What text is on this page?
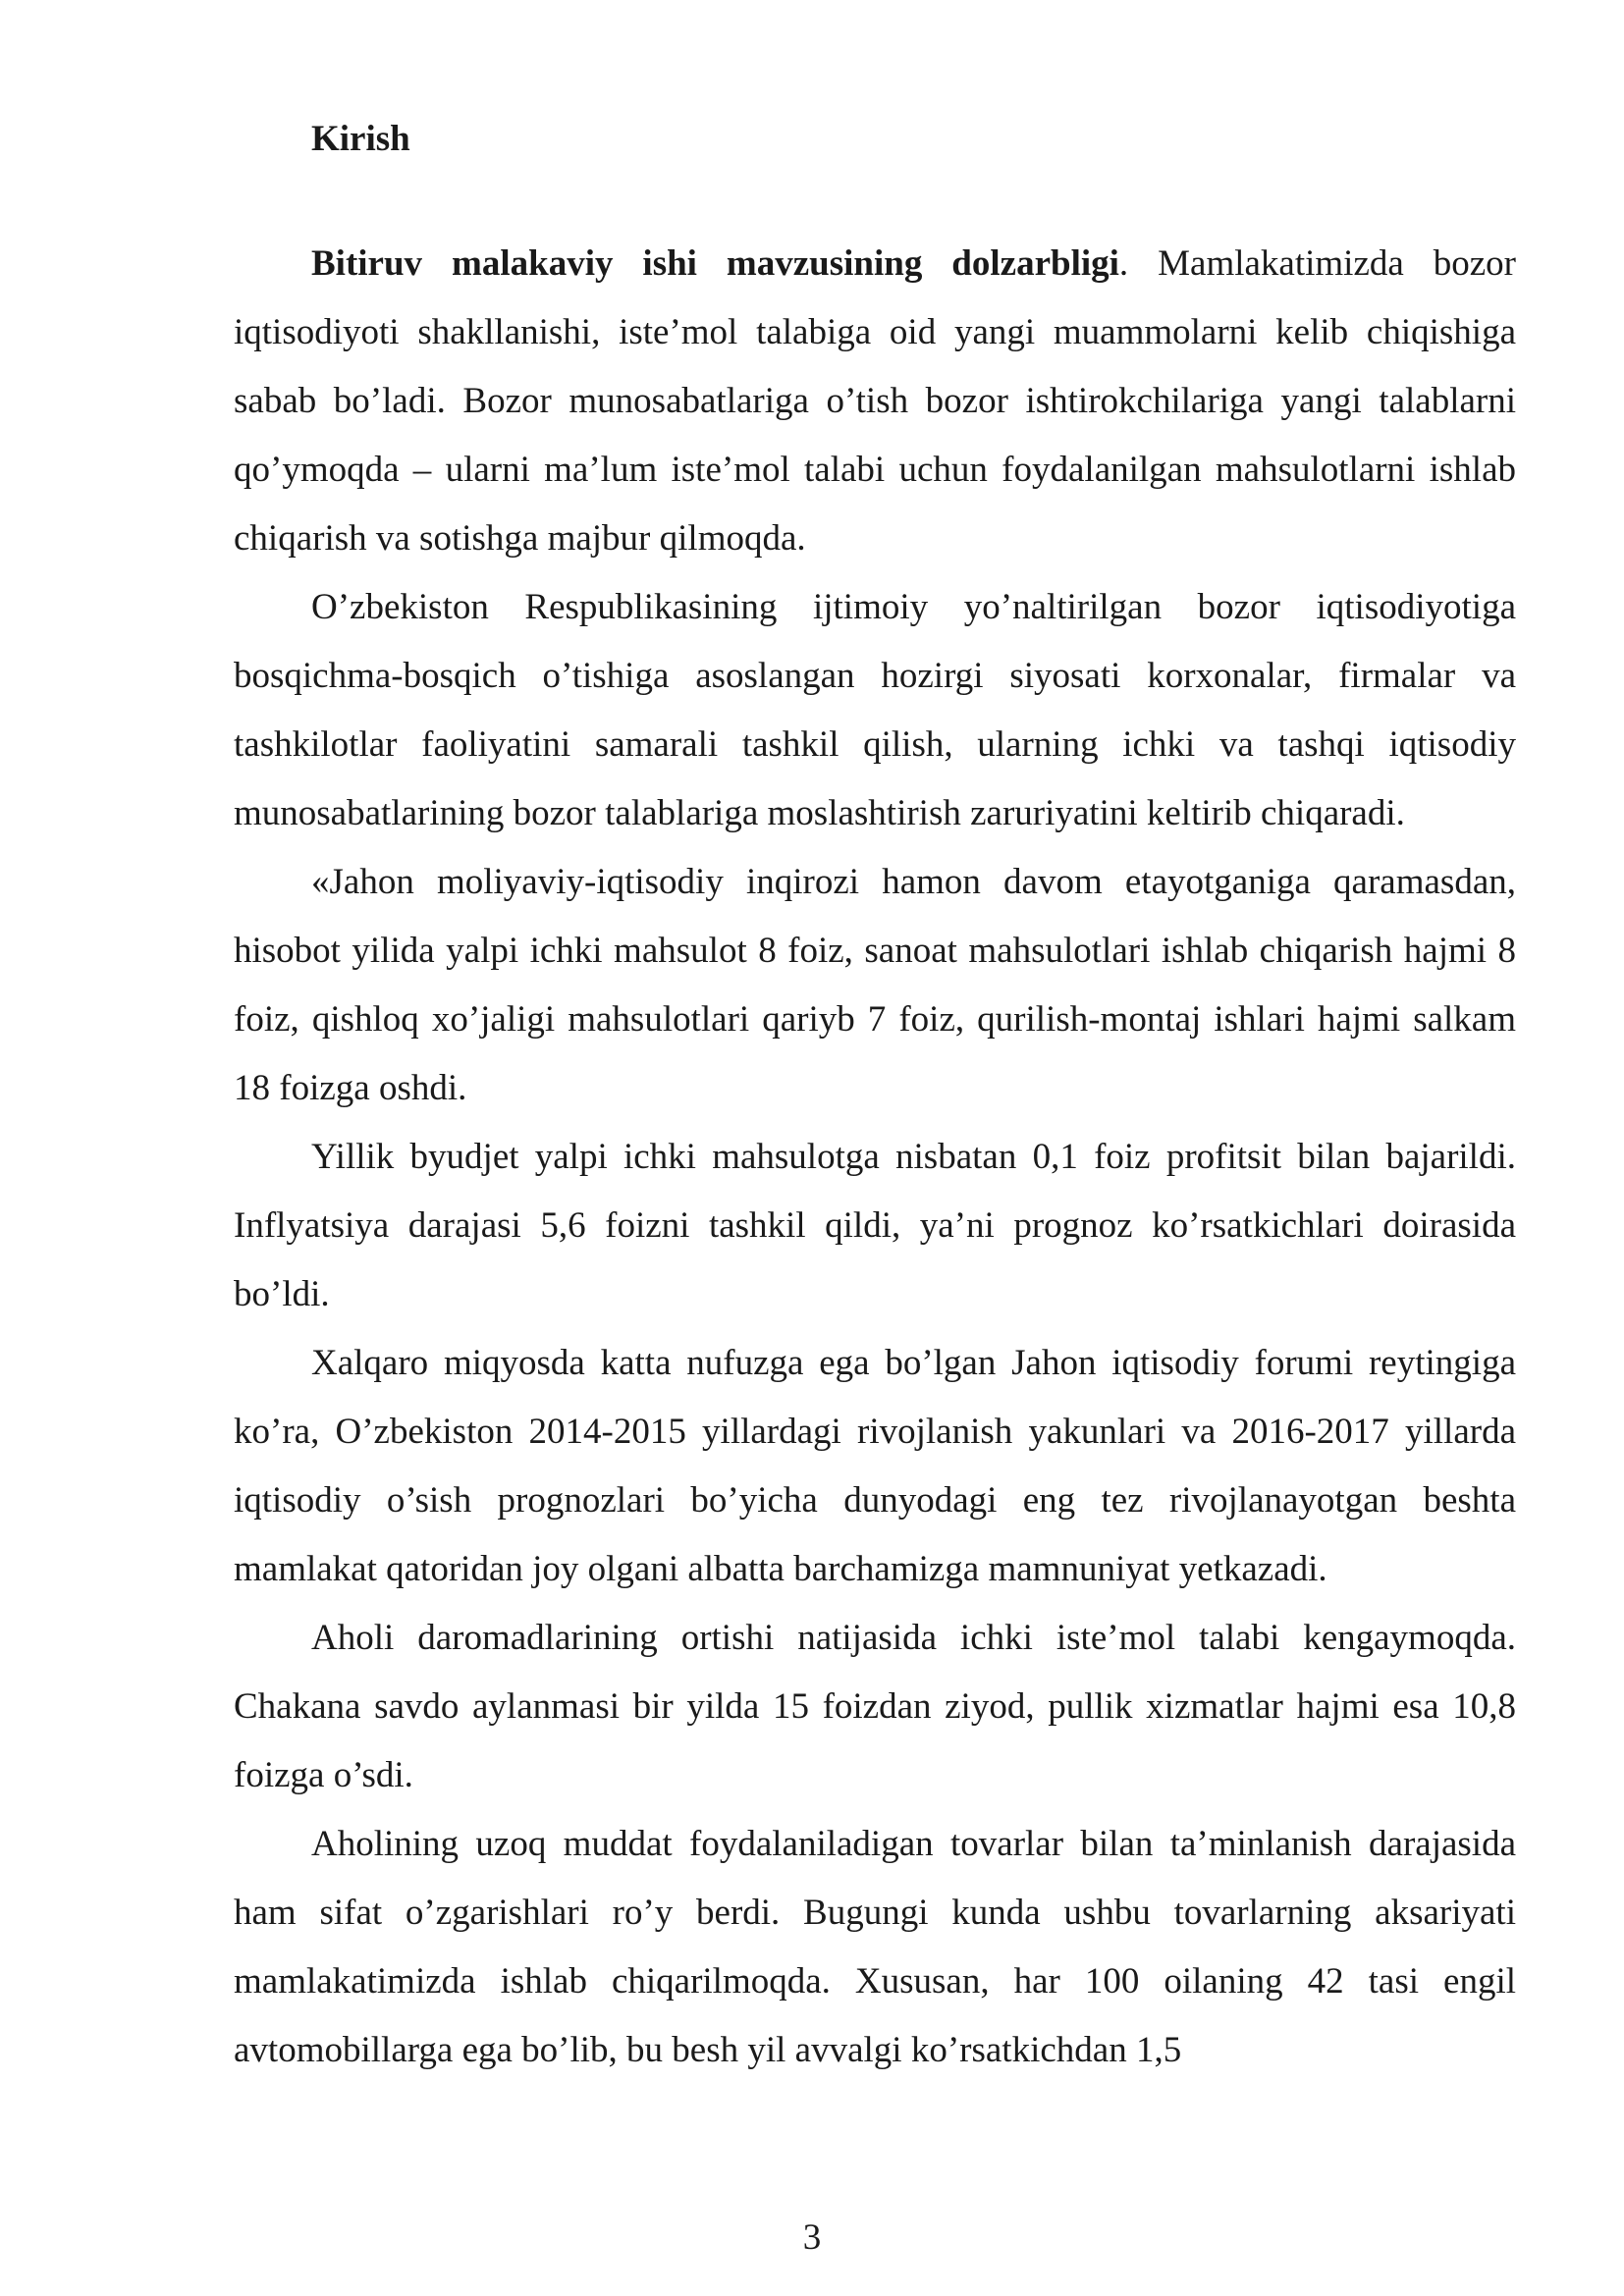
Kirish

Bitiruv malakaviy ishi mavzusining dolzarbligi. Mamlakatimizda bozor iqtisodiyoti shakllanishi, iste’mol talabiga oid yangi muammolarni kelib chiqishiga sabab bo’ladi. Bozor munosabatlariga o’tish bozor ishtirokchilariga yangi talablarni qo’ymoqda – ularni ma’lum iste’mol talabi uchun foydalanilgan mahsulotlarni ishlab chiqarish va sotishga majbur qilmoqda.

O’zbekiston Respublikasining ijtimoiy yo’naltirilgan bozor iqtisodiyotiga bosqichma-bosqich o’tishiga asoslangan hozirgi siyosati korxonalar, firmalar va tashkilotlar faoliyatini samarali tashkil qilish, ularning ichki va tashqi iqtisodiy munosabatlarining bozor talablariga moslashtirish zaruriyatini keltirib chiqaradi.

«Jahon moliyaviy-iqtisodiy inqirozi hamon davom etayotganiga qaramasdan, hisobot yilida yalpi ichki mahsulot 8 foiz, sanoat mahsulotlari ishlab chiqarish hajmi 8 foiz, qishloq xo’jaligi mahsulotlari qariyb 7 foiz, qurilish-montaj ishlari hajmi salkam 18 foizga oshdi.

Yillik byudjet yalpi ichki mahsulotga nisbatan 0,1 foiz profitsit bilan bajarildi. Inflyatsiya darajasi 5,6 foizni tashkil qildi, ya’ni prognoz ko’rsatkichlari doirasida bo’ldi.

Xalqaro miqyosda katta nufuzga ega bo’lgan Jahon iqtisodiy forumi reytingiga ko’ra, O’zbekiston 2014-2015 yillardagi rivojlanish yakunlari va 2016-2017 yillarda iqtisodiy o’sish prognozlari bo’yicha dunyodagi eng tez rivojlanayotgan beshta mamlakat qatoridan joy olgani albatta barchamizga mamnuniyat yetkazadi.

Aholi daromadlarining ortishi natijasida ichki iste’mol talabi kengaymoqda. Chakana savdo aylanmasi bir yilda 15 foizdan ziyod, pullik xizmatlar hajmi esa 10,8 foizga o’sdi.

Aholining uzoq muddat foydalaniladigan tovarlar bilan ta’minlanish darajasida ham sifat o’zgarishlari ro’y berdi. Bugungi kunda ushbu tovarlarning aksariyati mamlakatimizda ishlab chiqarilmoqda. Xususan, har 100 oilaning 42 tasi engil avtomobillarga ega bo’lib, bu besh yil avvalgi ko’rsatkichdan 1,5

3
